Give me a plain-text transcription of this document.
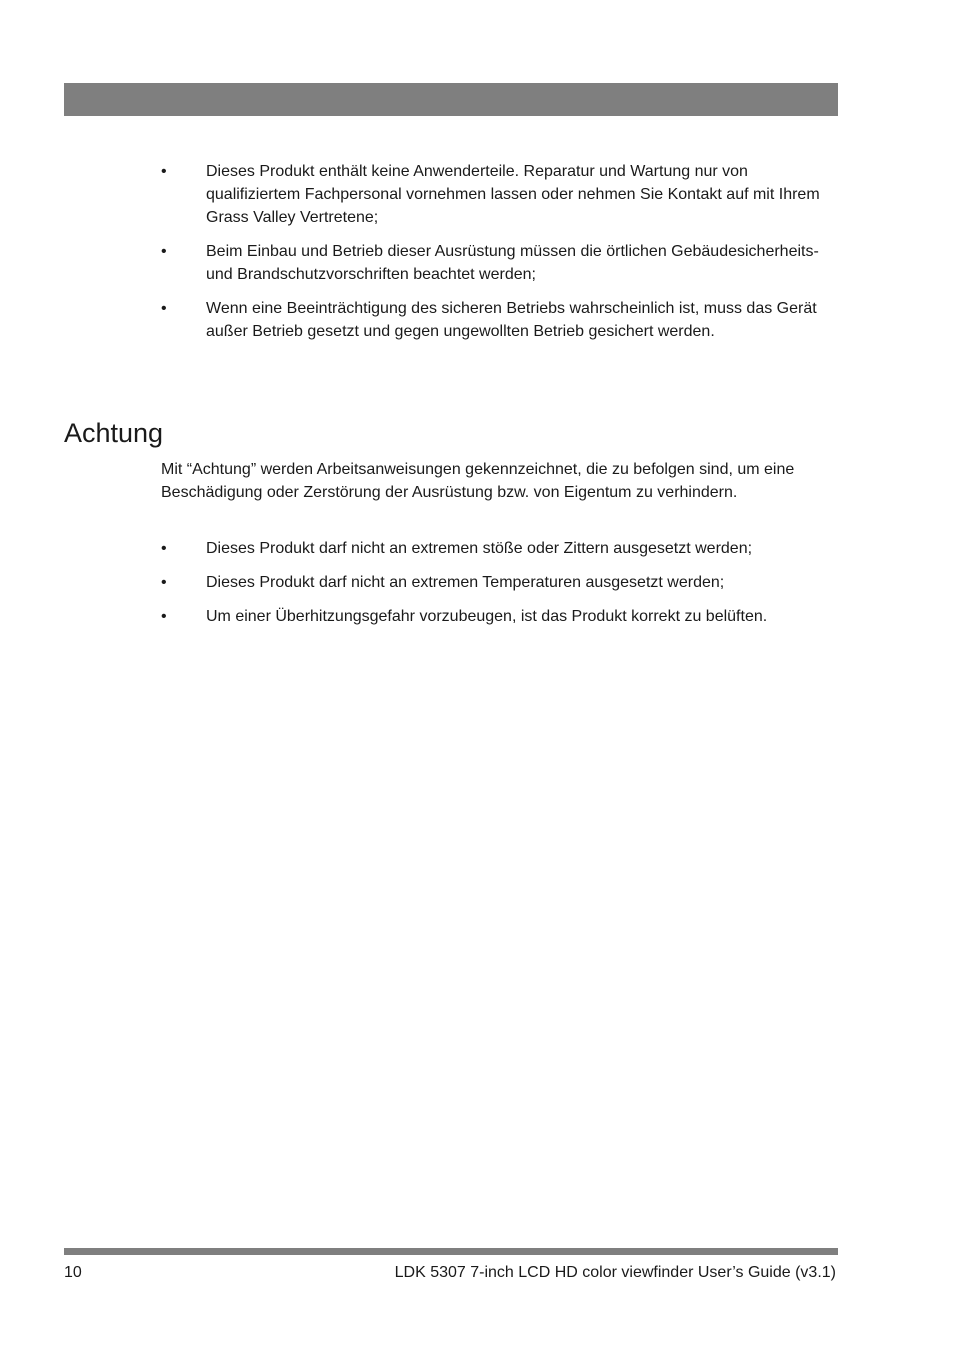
•	Dieses Produkt enthält keine Anwenderteile. Reparatur und Wartung nur von qualifiziertem Fachpersonal vornehmen lassen oder nehmen Sie Kontakt auf mit Ihrem Grass Valley Vertretene;
•	Beim Einbau und Betrieb dieser Ausrüstung müssen die örtlichen Gebäudesicherheits- und Brandschutzvorschriften beachtet werden;
•	Wenn eine Beeinträchtigung des sicheren Betriebs wahrscheinlich ist, muss das Gerät außer Betrieb gesetzt und gegen ungewollten Betrieb gesichert werden.
Achtung

Mit “Achtung” werden Arbeitsanweisungen gekennzeichnet, die zu befolgen sind, um eine Beschädigung oder Zerstörung der Ausrüstung bzw. von Eigentum zu verhindern.

•	Dieses Produkt darf nicht an extremen stöße oder Zittern ausgesetzt werden;
•	Dieses Produkt darf nicht an extremen Temperaturen ausgesetzt werden;
•	Um einer Überhitzungsgefahr vorzubeugen, ist das Produkt korrekt zu belüften.
10	LDK 5307 7-inch LCD HD color viewfinder User’s Guide (v3.1)
